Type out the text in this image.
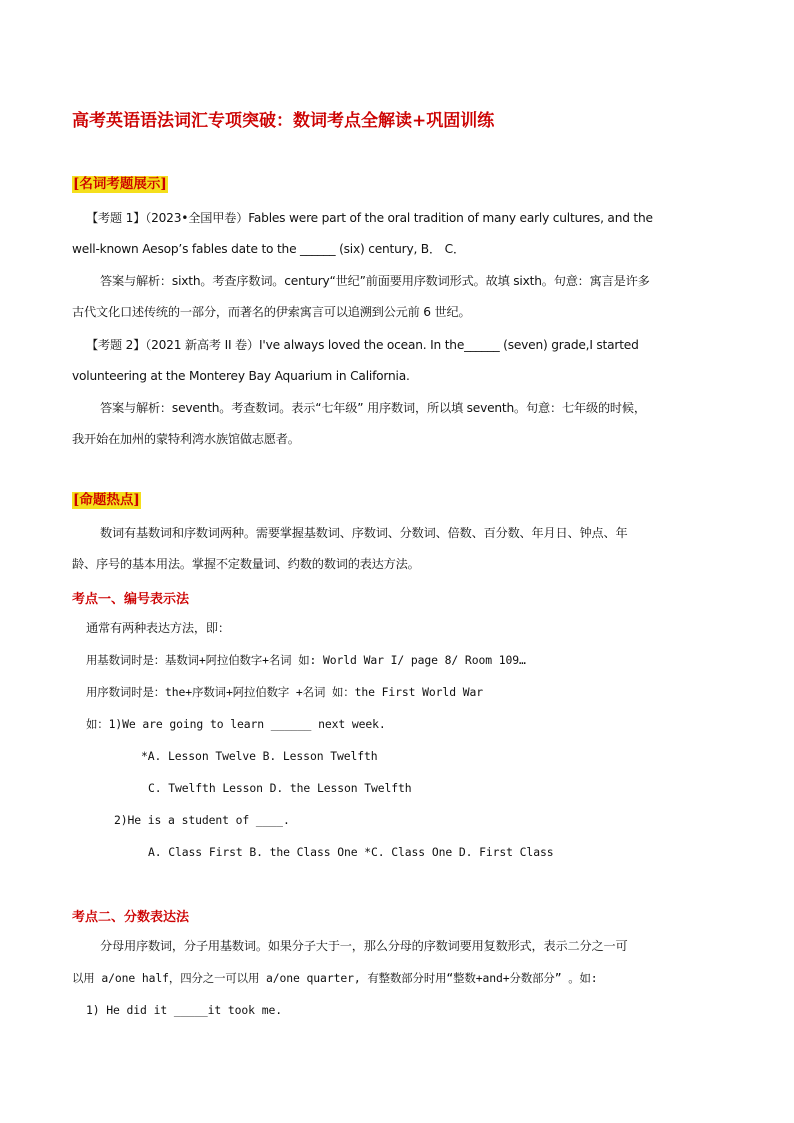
高考英语语法词汇专项突破：数词考点全解读+巩固训练
[名词考题展示]
【考题 1】（2023•全国甲卷）Fables were part of the oral tradition of many early cultures, and the
well-known Aesop’s fables date to the ______ (six) century, B． C．
答案与解析：sixth。考查序数词。century“世纪”前面要用序数词形式。故填 sixth。句意：寓言是许多
古代文化口述传统的一部分，而著名的伊索寓言可以追溯到公元前 6 世纪。
【考题 2】（2021 新高考 II 卷）I've always loved the ocean. In the______ (seven) grade,I started
volunteering at the Monterey Bay Aquarium in California.
答案与解析：seventh。考查数词。表示“七年级” 用序数词，所以填 seventh。句意：七年级的时候，
我开始在加州的蒙特利湾水族馆做志愿者。
[命题热点]
数词有基数词和序数词两种。需要掌握基数词、序数词、分数词、倍数、百分数、年月日、钟点、年
龄、序号的基本用法。掌握不定数量词、约数的数词的表达方法。
考点一、编号表示法
通常有两种表达方法，即：
用基数词时是：基数词+阿拉伯数字+名词 如: World War I/ page 8/ Room 109…
用序数词时是：the+序数词+阿拉伯数字 +名词 如：the First World War
如：1)We are going to learn ______ next week.
*A. Lesson Twelve B. Lesson Twelfth
C. Twelfth Lesson D. the Lesson Twelfth
2)He is a student of ____.
A. Class First B. the Class One *C. Class One D. First Class
考点二、分数表达法
分母用序数词，分子用基数词。如果分子大于一，那么分母的序数词要用复数形式，表示二分之一可
以用 a/one half，四分之一可以用 a/one quarter, 有整数部分时用“整数+and+分数部分” 。如:
1) He did it _____it took me.
